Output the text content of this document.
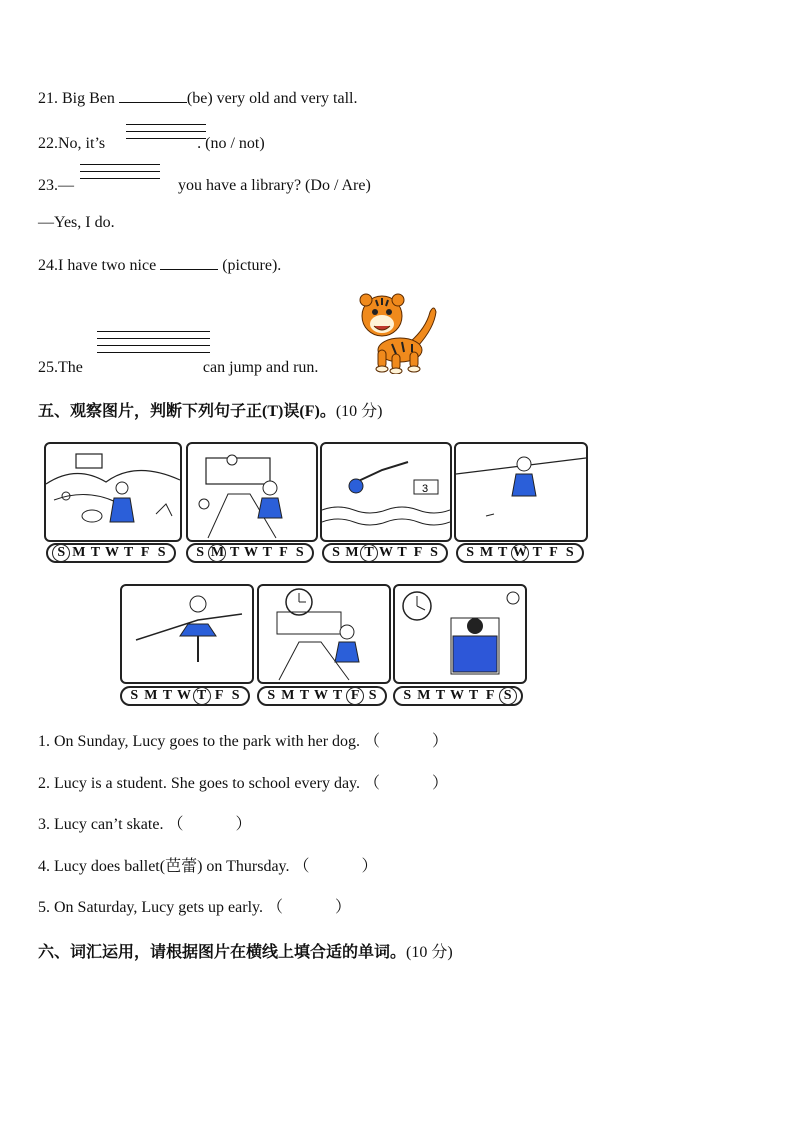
21. Big Ben	(be) very old and very tall.
22.No, it’s	. (no / not)
23.—	you have a library? (Do / Are)
—Yes, I do.
24.I have two nice	(picture).
25.The	can jump and run.
五、观察图片，判断下列句子正(T)误(F)。(10 分)
3
S M T W T F S S M T W T F S S M T W T F S S M T W T F S
S M T W T F S S M T W T F S S M T W T F S
1. On Sunday, Lucy goes to the park with her dog. （	）
2. Lucy is a student. She goes to school every day. （	）
3. Lucy can’t skate. （	）
4. Lucy does ballet(芭蕾) on Thursday. （	）
5. On Saturday, Lucy gets up early. （	）
六、词汇运用，请根据图片在横线上填合适的单词。(10 分)
